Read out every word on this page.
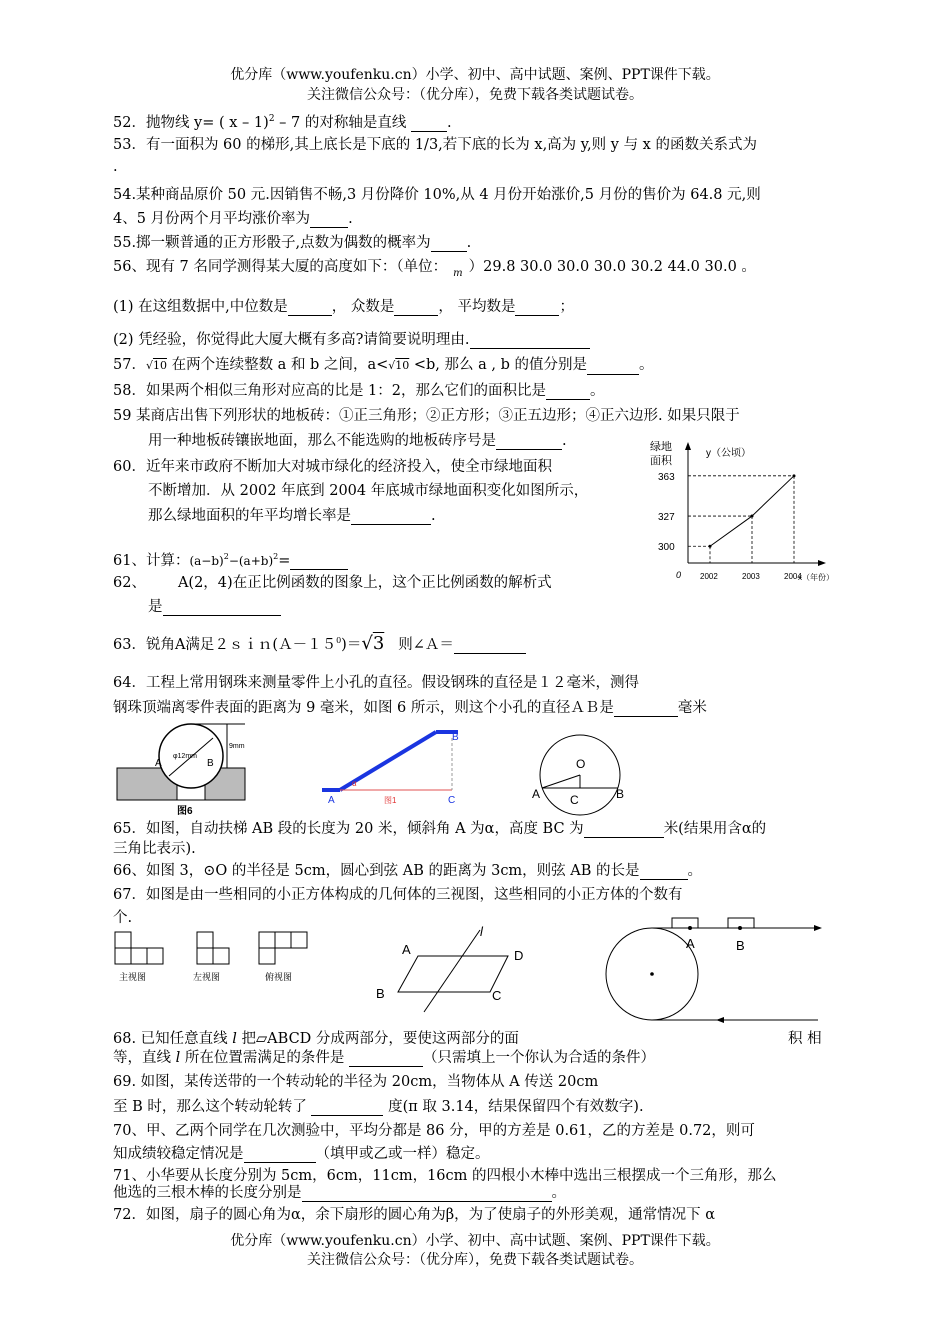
优分库（www.youfenku.cn）小学、初中、高中试题、案例、PPT课件下载。
关注微信公众号：（优分库），免费下载各类试题试卷。
52．抛物线 y= ( x – 1)$^2$ – 7 的对称轴是直线 .
53．有一面积为 60 的梯形,其上底长是下底的 1/3,若下底的长为 x,高为 y,则 y 与 x 的函数关系式为
.
54.某种商品原价 50 元.因销售不畅,3 月份降价 10%,从 4 月份开始涨价,5 月份的售价为 64.8 元,则
4、5 月份两个月平均涨价率为	.
55.掷一颗普通的正方形骰子,点数为偶数的概率为 .
56、现有 7 名同学测得某大厦的高度如下：（单位： $_m$ ）29.8 30.0 30.0 30.0 30.2 44.0 30.0 。
(1) 在这组数据中,中位数是	， 众数是	， 平均数是	；
(2) 凭经验，你觉得此大厦大概有多高?请简要说明理由.
57．√10 在两个连续整数 a 和 b 之间，a<√10 <b, 那么 a , b 的值分别是	。
58．如果两个相似三角形对应高的比是 1：2，那么它们的面积比是	。
59 某商店出售下列形状的地板砖：①正三角形；②正方形；③正五边形；④正六边形. 如果只限于
用一种地板砖镶嵌地面，那么不能选购的地板砖序号是	.
60．近年来市政府不断加大对城市绿化的经济投入，使全市绿地面积
不断增加．从 2002 年底到 2004 年底城市绿地面积变化如图所示，
那么绿地面积的年平均增长率是	.
绿地
面积
y（公顷）
0	x（年份）
363
327
300
2002	2003	2004
61、计算：$(a-b)^2-(a+b)^2=$
62、 A(2，4)在正比例函数的图象上，这个正比例函数的解析式
是
63．锐角A满足$2sin(A-15^0)=√3$ 则∠Ａ＝
64．工程上常用钢珠来测量零件上小孔的直径。假设钢珠的直径是１２毫米，测得
钢珠顶端离零件表面的距离为 9 毫米，如图 6 所示，则这个小孔的直径ＡＢ是	毫米
φ12mm
9mm
A	B
图6
α
A
B
C
图1
O
A	B
C
65．如图，自动扶梯 AB 段的长度为 20 米，倾斜角 A 为α，高度 BC 为	米(结果用含α的
三角比表示).
66、如图 3，⊙O 的半径是 5cm，圆心到弦 AB 的距离为 3cm，则弦 AB 的长是	。
67．如图是由一些相同的小正方体构成的几何体的三视图，这些相同的小正方体的个数有
个.
主视图	左视图	俯视图
l
A	D
B	C
A	B
68. 已知任意直线 l 把▱ABCD 分成两部分，要使这两部分的面	积 相
等，直线 l 所在位置需满足的条件是	（只需填上一个你认为合适的条件）
69. 如图，某传送带的一个转动轮的半径为 20cm，当物体从 A 传送 20cm
至 B 时，那么这个转动轮转了	度(π 取 3.14，结果保留四个有效数字).
70、甲、乙两个同学在几次测验中，平均分都是 86 分，甲的方差是 0.61，乙的方差是 0.72，则可
知成绩较稳定情况是	（填甲或乙或一样）稳定。
71、小华要从长度分别为 5cm，6cm，11cm，16cm 的四根小木棒中选出三根摆成一个三角形，那么
他选的三根木棒的长度分别是	。
72．如图，扇子的圆心角为α，余下扇形的圆心角为β，为了使扇子的外形美观，通常情况下 α
优分库（www.youfenku.cn）小学、初中、高中试题、案例、PPT课件下载。
关注微信公众号：（优分库），免费下载各类试题试卷。
